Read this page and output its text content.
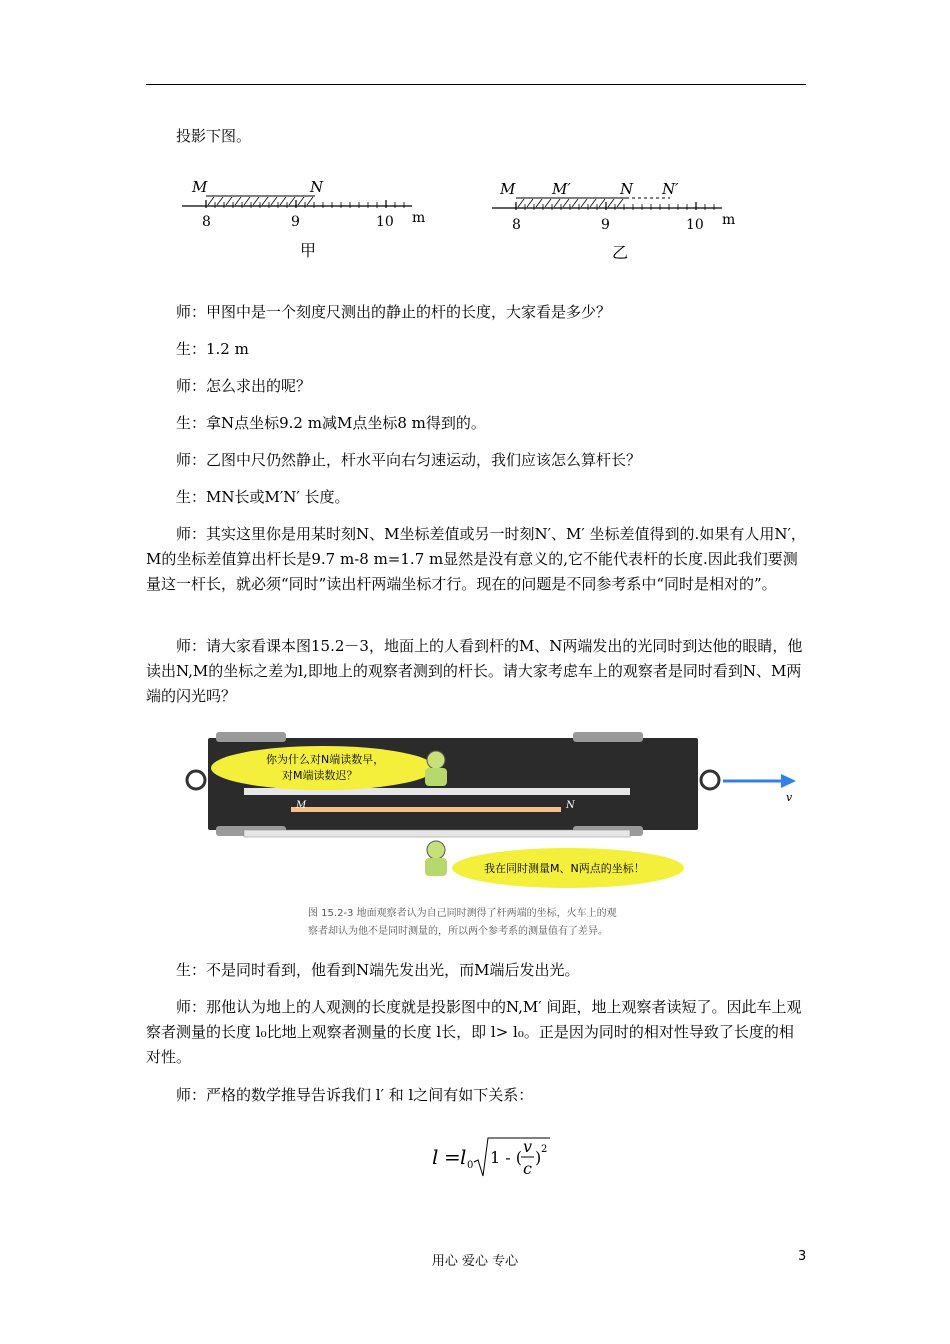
投影下图。

M	N
8	9	10 m
甲
M M′	N N′
8	9	10 m
乙

师：甲图中是一个刻度尺测出的静止的杆的长度，大家看是多少？

生：1.2 m

师：怎么求出的呢？

生：拿N点坐标9.2 m减M点坐标8 m得到的。

师：乙图中尺仍然静止，杆水平向右匀速运动，我们应该怎么算杆长？

生：MN长或M′N′ 长度。

师：其实这里你是用某时刻N、M坐标差值或另一时刻N′、M′ 坐标差值得到的.如果有人用N′，M的坐标差值算出杆长是9.7 m-8 m=1.7 m显然是没有意义的,它不能代表杆的长度.因此我们要测量这一杆长，就必须“同时”读出杆两端坐标才行。现在的问题是不同参考系中“同时是相对的”。

师：请大家看课本图15.2－3，地面上的人看到杆的M、N两端发出的光同时到达他的眼睛，他读出N,M的坐标之差为l,即地上的观察者测到的杆长。请大家考虑车上的观察者是同时看到N、M两端的闪光吗？

M	N
你为什么对N端读数早，
对M端读数迟？
我在同时测量M、N两点的坐标！
v
图 15.2-3 地面观察者认为自己同时测得了杆两端的坐标，火车上的观
察者却认为他不是同时测量的，所以两个参考系的测量值有了差异。

生：不是同时看到，他看到N端先发出光，而M端后发出光。

师：那他认为地上的人观测的长度就是投影图中的N,M′ 间距，地上观察者读短了。因此车上观察者测量的长度 l₀比地上观察者测量的长度 l长，即 l> l₀。正是因为同时的相对性导致了长度的相对性。

师：严格的数学推导告诉我们 l′ 和 l之间有如下关系：

l = l 0 1 - (
v
c
) 2
用心 爱心 专心	3
